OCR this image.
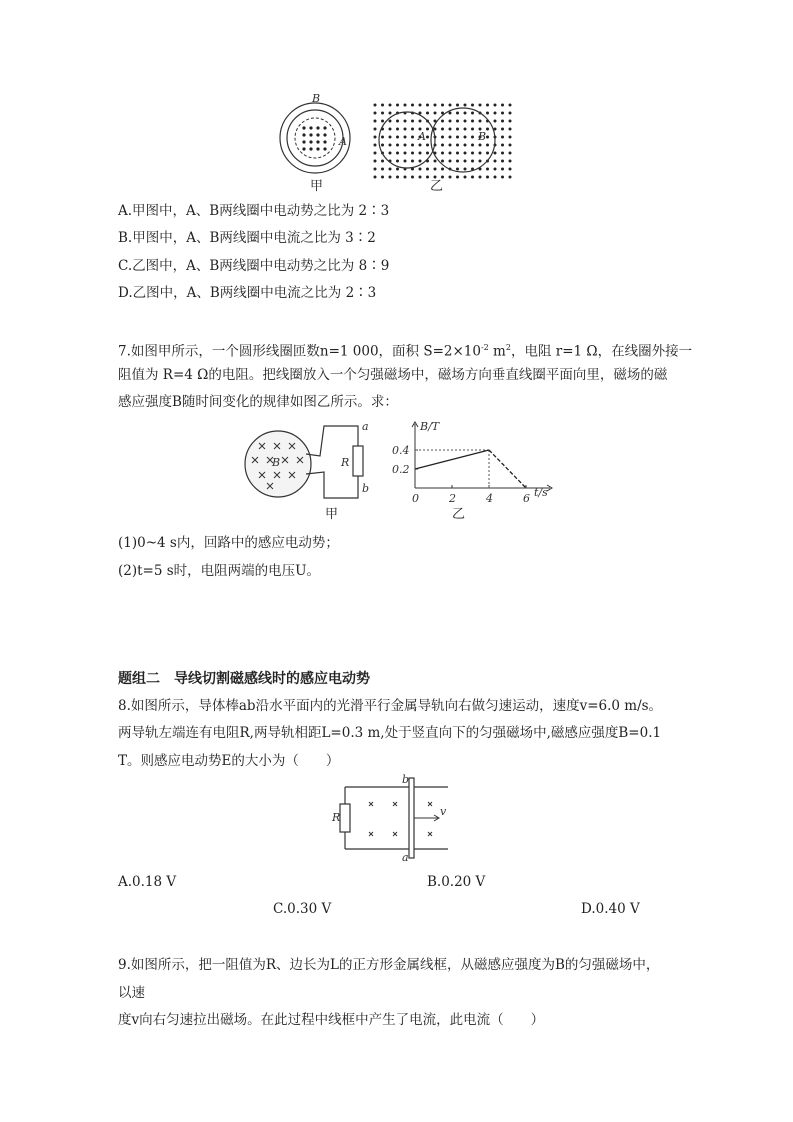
B
A
甲
A	B
乙
A.甲图中，A、B两线圈中电动势之比为 2∶3
B.甲图中，A、B两线圈中电流之比为 3∶2
C.乙图中，A、B两线圈中电动势之比为 8∶9
D.乙图中，A、B两线圈中电流之比为 2∶3
7.如图甲所示，一个圆形线圈匝数n=1 000，面积 $S=2\times 10^{-2}$ $m^2$，电阻 r=1 Ω，在线圈外接一
阻值为 R=4 Ω的电阻。把线圈放入一个匀强磁场中，磁场方向垂直线圈平面向里，磁场的磁
感应强度B随时间变化的规律如图乙所示。求：
B	R
a
b
甲
B/T
t/s
0	2	4	6
0.2
0.4
乙
(1)0~4 s内，回路中的感应电动势；
(2)t=5 s时，电阻两端的电压U。
题组二　导线切割磁感线时的感应电动势
8.如图所示，导体棒ab沿水平面内的光滑平行金属导轨向右做匀速运动，速度v=6.0 m/s。
两导轨左端连有电阻R,两导轨相距L=0.3 m,处于竖直向下的匀强磁场中,磁感应强度B=0.1
T。则感应电动势E的大小为（　　）
b
a
R	v
A.0.18 V	B.0.20 V
C.0.30 V	D.0.40 V
9.如图所示，把一阻值为R、边长为L的正方形金属线框，从磁感应强度为B的匀强磁场中，
以速
度v向右匀速拉出磁场。在此过程中线框中产生了电流，此电流（　　）
